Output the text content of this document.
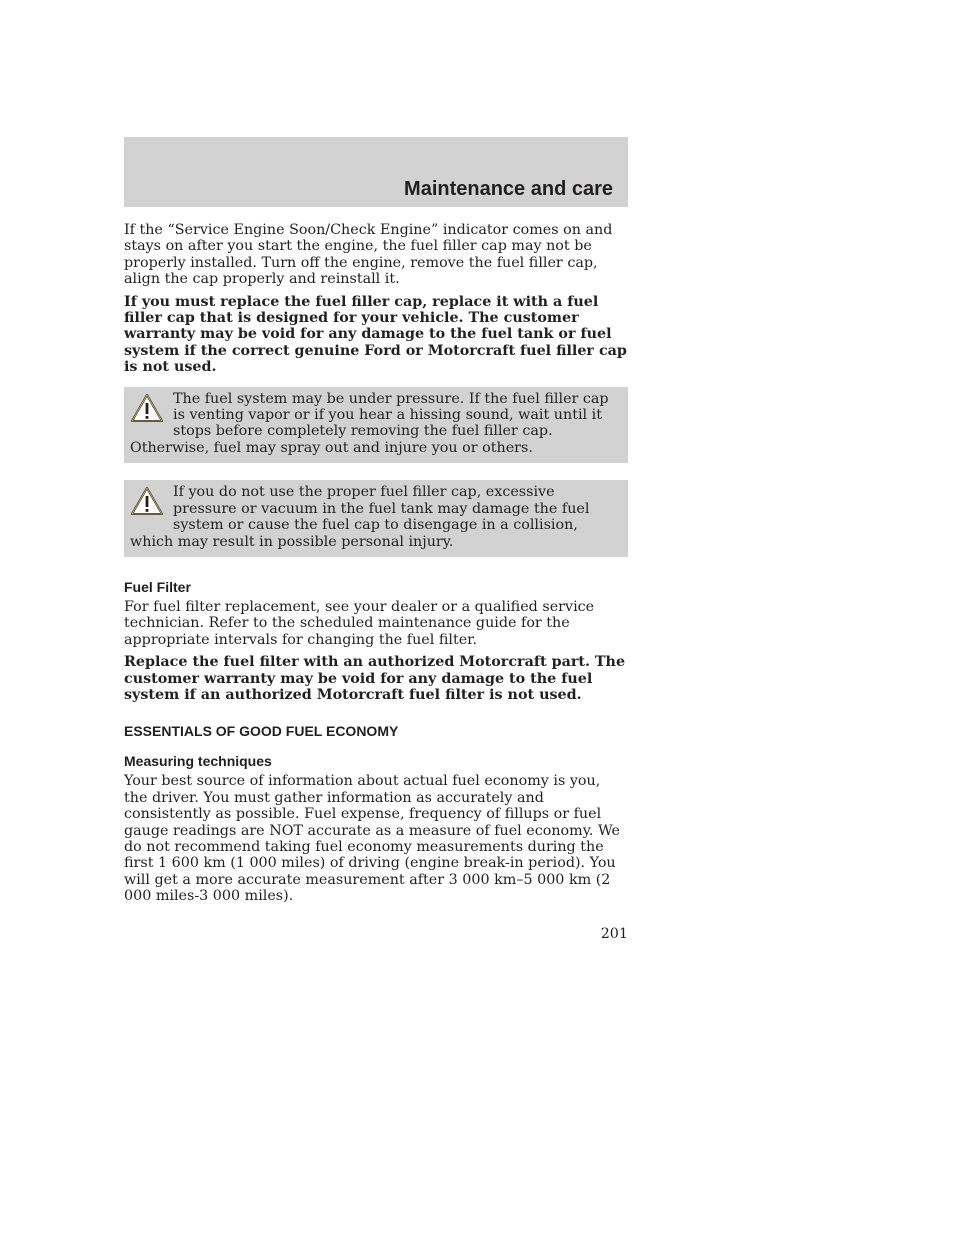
Maintenance and care

If the “Service Engine Soon/Check Engine” indicator comes on and stays on after you start the engine, the fuel filler cap may not be properly installed. Turn off the engine, remove the fuel filler cap, align the cap properly and reinstall it.

If you must replace the fuel filler cap, replace it with a fuel filler cap that is designed for your vehicle. The customer warranty may be void for any damage to the fuel tank or fuel system if the correct genuine Ford or Motorcraft fuel filler cap is not used.

The fuel system may be under pressure. If the fuel filler cap is venting vapor or if you hear a hissing sound, wait until it stops before completely removing the fuel filler cap. Otherwise, fuel may spray out and injure you or others.
If you do not use the proper fuel filler cap, excessive pressure or vacuum in the fuel tank may damage the fuel system or cause the fuel cap to disengage in a collision, which may result in possible personal injury.
Fuel Filter

For fuel filter replacement, see your dealer or a qualified service technician. Refer to the scheduled maintenance guide for the appropriate intervals for changing the fuel filter.

Replace the fuel filter with an authorized Motorcraft part. The customer warranty may be void for any damage to the fuel system if an authorized Motorcraft fuel filter is not used.

ESSENTIALS OF GOOD FUEL ECONOMY
Measuring techniques

Your best source of information about actual fuel economy is you, the driver. You must gather information as accurately and consistently as possible. Fuel expense, frequency of fillups or fuel gauge readings are NOT accurate as a measure of fuel economy. We do not recommend taking fuel economy measurements during the first 1 600 km (1 000 miles) of driving (engine break-in period). You will get a more accurate measurement after 3 000 km–5 000 km (2 000 miles-3 000 miles).

201
